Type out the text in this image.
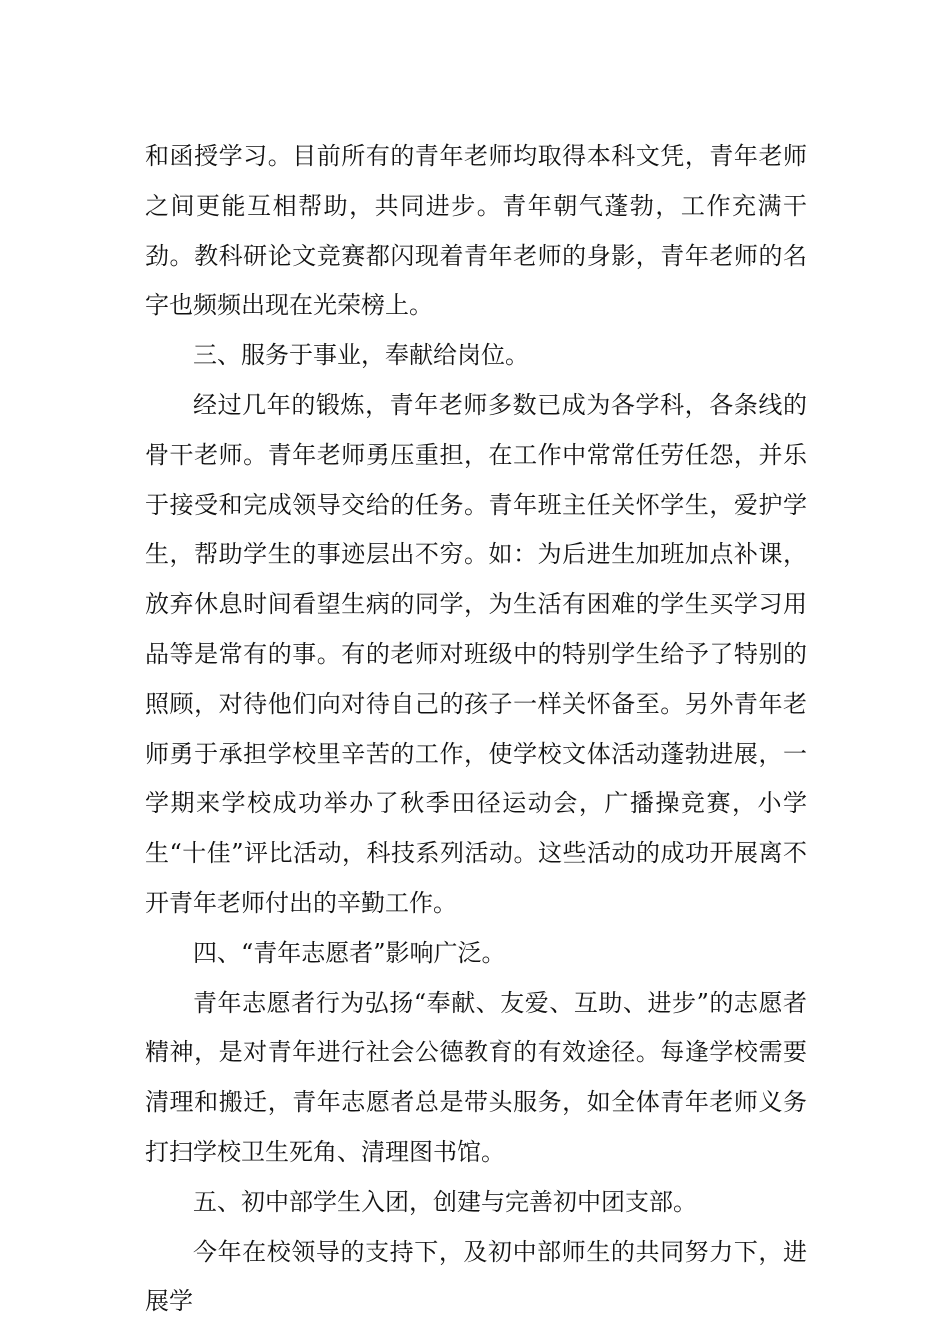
和函授学习。目前所有的青年老师均取得本科文凭，青年老师之间更能互相帮助，共同进步。青年朝气蓬勃，工作充满干劲。教科研论文竞赛都闪现着青年老师的身影，青年老师的名字也频频出现在光荣榜上。

三、服务于事业，奉献给岗位。

经过几年的锻炼，青年老师多数已成为各学科，各条线的骨干老师。青年老师勇压重担，在工作中常常任劳任怨，并乐于接受和完成领导交给的任务。青年班主任关怀学生，爱护学生，帮助学生的事迹层出不穷。如：为后进生加班加点补课，放弃休息时间看望生病的同学，为生活有困难的学生买学习用品等是常有的事。有的老师对班级中的特别学生给予了特别的照顾，对待他们向对待自己的孩子一样关怀备至。另外青年老师勇于承担学校里辛苦的工作，使学校文体活动蓬勃进展，一学期来学校成功举办了秋季田径运动会，广播操竞赛，小学生“十佳”评比活动，科技系列活动。这些活动的成功开展离不开青年老师付出的辛勤工作。

四、“青年志愿者”影响广泛。

青年志愿者行为弘扬“奉献、友爱、互助、进步”的志愿者精神，是对青年进行社会公德教育的有效途径。每逢学校需要清理和搬迁，青年志愿者总是带头服务，如全体青年老师义务打扫学校卫生死角、清理图书馆。

五、初中部学生入团，创建与完善初中团支部。

今年在校领导的支持下，及初中部师生的共同努力下，进展学
